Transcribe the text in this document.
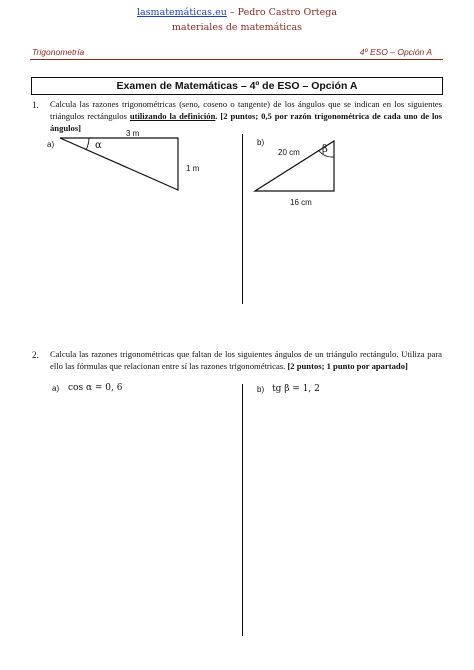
lasmatemáticas.eu – Pedro Castro Ortega
materiales de matemáticas
Trigonometría	4º ESO – Opción A
Examen de Matemáticas – 4º de ESO – Opción A
1. Calcula las razones trigonométricas (seno, coseno o tangente) de los ángulos que se indican en los siguientes triángulos rectángulos utilizando la definición. [2 puntos; 0,5 por razón trigonométrica de cada uno de los ángulos]
a)
3 m
1 m
α	b)
20 cm
16 cm
β
2. Calcula las razones trigonométricas que faltan de los siguientes ángulos de un triángulo rectángulo. Utiliza para ello las fórmulas que relacionan entre sí las razones trigonométricas. [2 puntos; 1 punto por apartado]
a) cos α = 0, 6	b) tg β = 1, 2
